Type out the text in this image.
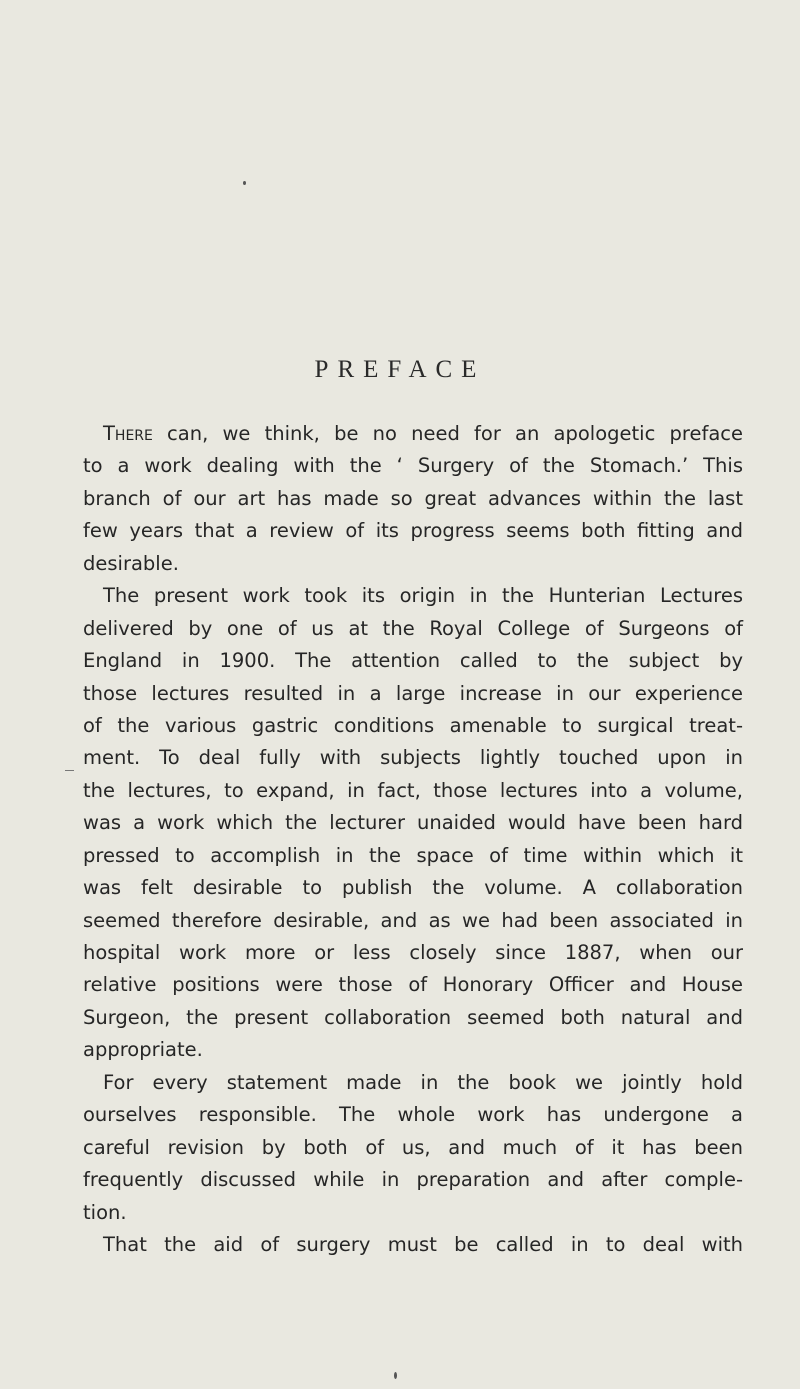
PREFACE
There can, we think, be no need for an apologetic preface
to a work dealing with the ‘ Surgery of the Stomach.’ This
branch of our art has made so great advances within the last
few years that a review of its progress seems both fitting and
desirable.
The present work took its origin in the Hunterian Lectures
delivered by one of us at the Royal College of Surgeons of
England in 1900. The attention called to the subject by
those lectures resulted in a large increase in our experience
of the various gastric conditions amenable to surgical treat-
ment. To deal fully with subjects lightly touched upon in
the lectures, to expand, in fact, those lectures into a volume,
was a work which the lecturer unaided would have been hard
pressed to accomplish in the space of time within which it
was felt desirable to publish the volume. A collaboration
seemed therefore desirable, and as we had been associated in
hospital work more or less closely since 1887, when our
relative positions were those of Honorary Officer and House
Surgeon, the present collaboration seemed both natural and
appropriate.
For every statement made in the book we jointly hold
ourselves responsible. The whole work has undergone a
careful revision by both of us, and much of it has been
frequently discussed while in preparation and after comple-
tion.
That the aid of surgery must be called in to deal with
